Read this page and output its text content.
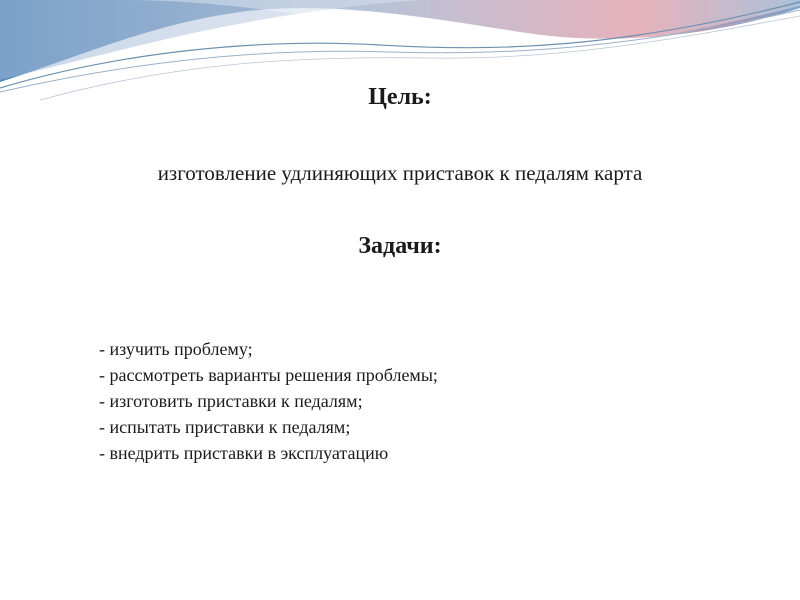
Цель:

изготовление удлиняющих приставок к педалям карта

Задачи:
- изучить проблему;
- рассмотреть варианты решения проблемы;
- изготовить приставки к педалям;
- испытать приставки к педалям;
- внедрить приставки в эксплуатацию
